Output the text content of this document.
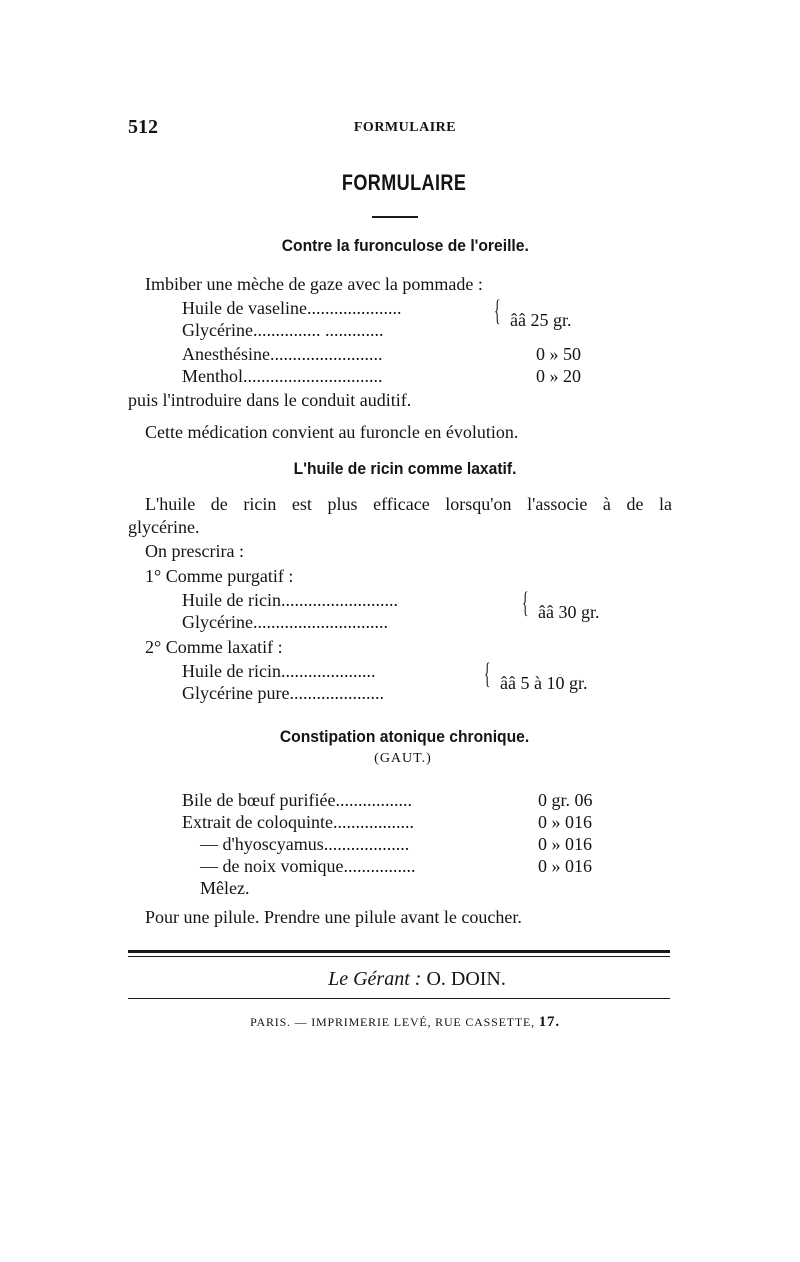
512	FORMULAIRE
FORMULAIRE
Contre la furonculose de l'oreille.
Imbiber une mèche de gaze avec la pommade :
Huile de vaseline.....................
Glycérine............... .............
{ ââ 25 gr.
Anesthésine.........................	0 » 50
Menthol...............................	0 » 20
puis l'introduire dans le conduit auditif.
Cette médication convient au furoncle en évolution.
L'huile de ricin comme laxatif.
L'huile de ricin est plus efficace lorsqu'on l'associe à de la
glycérine.
On prescrira :
1° Comme purgatif :
Huile de ricin..........................
Glycérine..............................
{ ââ 30 gr.
2° Comme laxatif :
Huile de ricin.....................
Glycérine pure.....................
{ ââ 5 à 10 gr.
Constipation atonique chronique.
(GAUT.)
Bile de bœuf purifiée.................	0 gr. 06
Extrait de coloquinte..................	0 » 016
— d'hyoscyamus...................	0 » 016
— de noix vomique................	0 » 016
Mêlez.
Pour une pilule. Prendre une pilule avant le coucher.
Le Gérant : O. DOIN.
PARIS. — IMPRIMERIE LEVÉ, RUE CASSETTE, 17.
